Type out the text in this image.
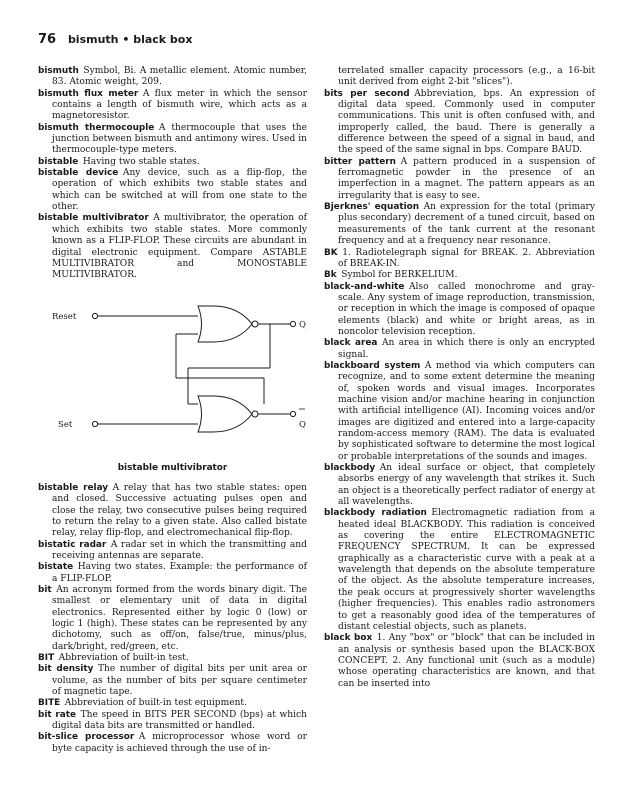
76 bismuth • black box

bismuth  Symbol, Bi. A metallic element. Atomic number, 83. Atomic weight, 209.

bismuth flux meter  A flux meter in which the sensor contains a length of bismuth wire, which acts as a magnetoresistor.

bismuth thermocouple  A thermocouple that uses the junction between bismuth and antimony wires. Used in thermocouple-type meters.

bistable  Having two stable states.

bistable device  Any device, such as a flip-flop, the operation of which exhibits two stable states and which can be switched at will from one state to the other.

bistable multivibrator  A multivibrator, the operation of which exhibits two stable states. More commonly known as a FLIP-FLOP. These circuits are abundant in digital electronic equipment. Compare ASTABLE MULTIVIBRATOR and MONOSTABLE MULTIVIBRATOR.

Reset
Set
Q
Q

bistable multivibrator

bistable relay  A relay that has two stable states: open and closed. Successive actuating pulses open and close the relay, two consecutive pulses being required to return the relay to a given state. Also called bistate relay, relay flip-flop, and electromechanical flip-flop.

bistatic radar  A radar set in which the transmitting and receiving antennas are separate.

bistate  Having two states. Example: the performance of a FLIP-FLOP.

bit  An acronym formed from the words binary digit. The smallest or elementary unit of data in digital electronics. Represented either by logic 0 (low) or logic 1 (high). These states can be represented by any dichotomy, such as off/on, false/true, minus/plus, dark/bright, red/green, etc.

BIT  Abbreviation of built-in test.

bit density  The number of digital bits per unit area or volume, as the number of bits per square centimeter of magnetic tape.

BITE  Abbreviation of built-in test equipment.

bit rate  The speed in BITS PER SECOND (bps) at which digital data bits are transmitted or handled.

bit-slice processor  A microprocessor whose word or byte capacity is achieved through the use of in-

terrelated smaller capacity processors (e.g., a 16-bit unit derived from eight 2-bit "slices").

bits per second  Abbreviation, bps. An expression of digital data speed. Commonly used in computer communications. This unit is often confused with, and improperly called, the baud. There is generally a difference between the speed of a signal in baud, and the speed of the same signal in bps. Compare BAUD.

bitter pattern  A pattern produced in a suspension of ferromagnetic powder in the presence of an imperfection in a magnet. The pattern appears as an irregularity that is easy to see.

Bjerknes' equation  An expression for the total (primary plus secondary) decrement of a tuned circuit, based on measurements of the tank current at the resonant frequency and at a frequency near resonance.

BK  1. Radiotelegraph signal for BREAK. 2. Abbreviation of BREAK-IN.

Bk  Symbol for BERKELIUM.

black-and-white  Also called monochrome and gray-scale. Any system of image reproduction, transmission, or reception in which the image is composed of opaque elements (black) and white or bright areas, as in noncolor television reception.

black area  An area in which there is only an encrypted signal.

blackboard system  A method via which computers can recognize, and to some extent determine the meaning of, spoken words and visual images. Incorporates machine vision and/or machine hearing in conjunction with artificial intelligence (AI). Incoming voices and/or images are digitized and entered into a large-capacity random-access memory (RAM). The data is evaluated by sophisticated software to determine the most logical or probable interpretations of the sounds and images.

blackbody  An ideal surface or object, that completely absorbs energy of any wavelength that strikes it. Such an object is a theoretically perfect radiator of energy at all wavelengths.

blackbody radiation  Electromagnetic radiation from a heated ideal BLACKBODY. This radiation is conceived as covering the entire ELECTROMAGNETIC FREQUENCY SPECTRUM. It can be expressed graphically as a characteristic curve with a peak at a wavelength that depends on the absolute temperature of the object. As the absolute temperature increases, the peak occurs at progressively shorter wavelengths (higher frequencies). This enables radio astronomers to get a reasonably good idea of the temperatures of distant celestial objects, such as planets.

black box  1. Any "box" or "block" that can be included in an analysis or synthesis based upon the BLACK-BOX CONCEPT. 2. Any functional unit (such as a module) whose operating characteristics are known, and that can be inserted into
